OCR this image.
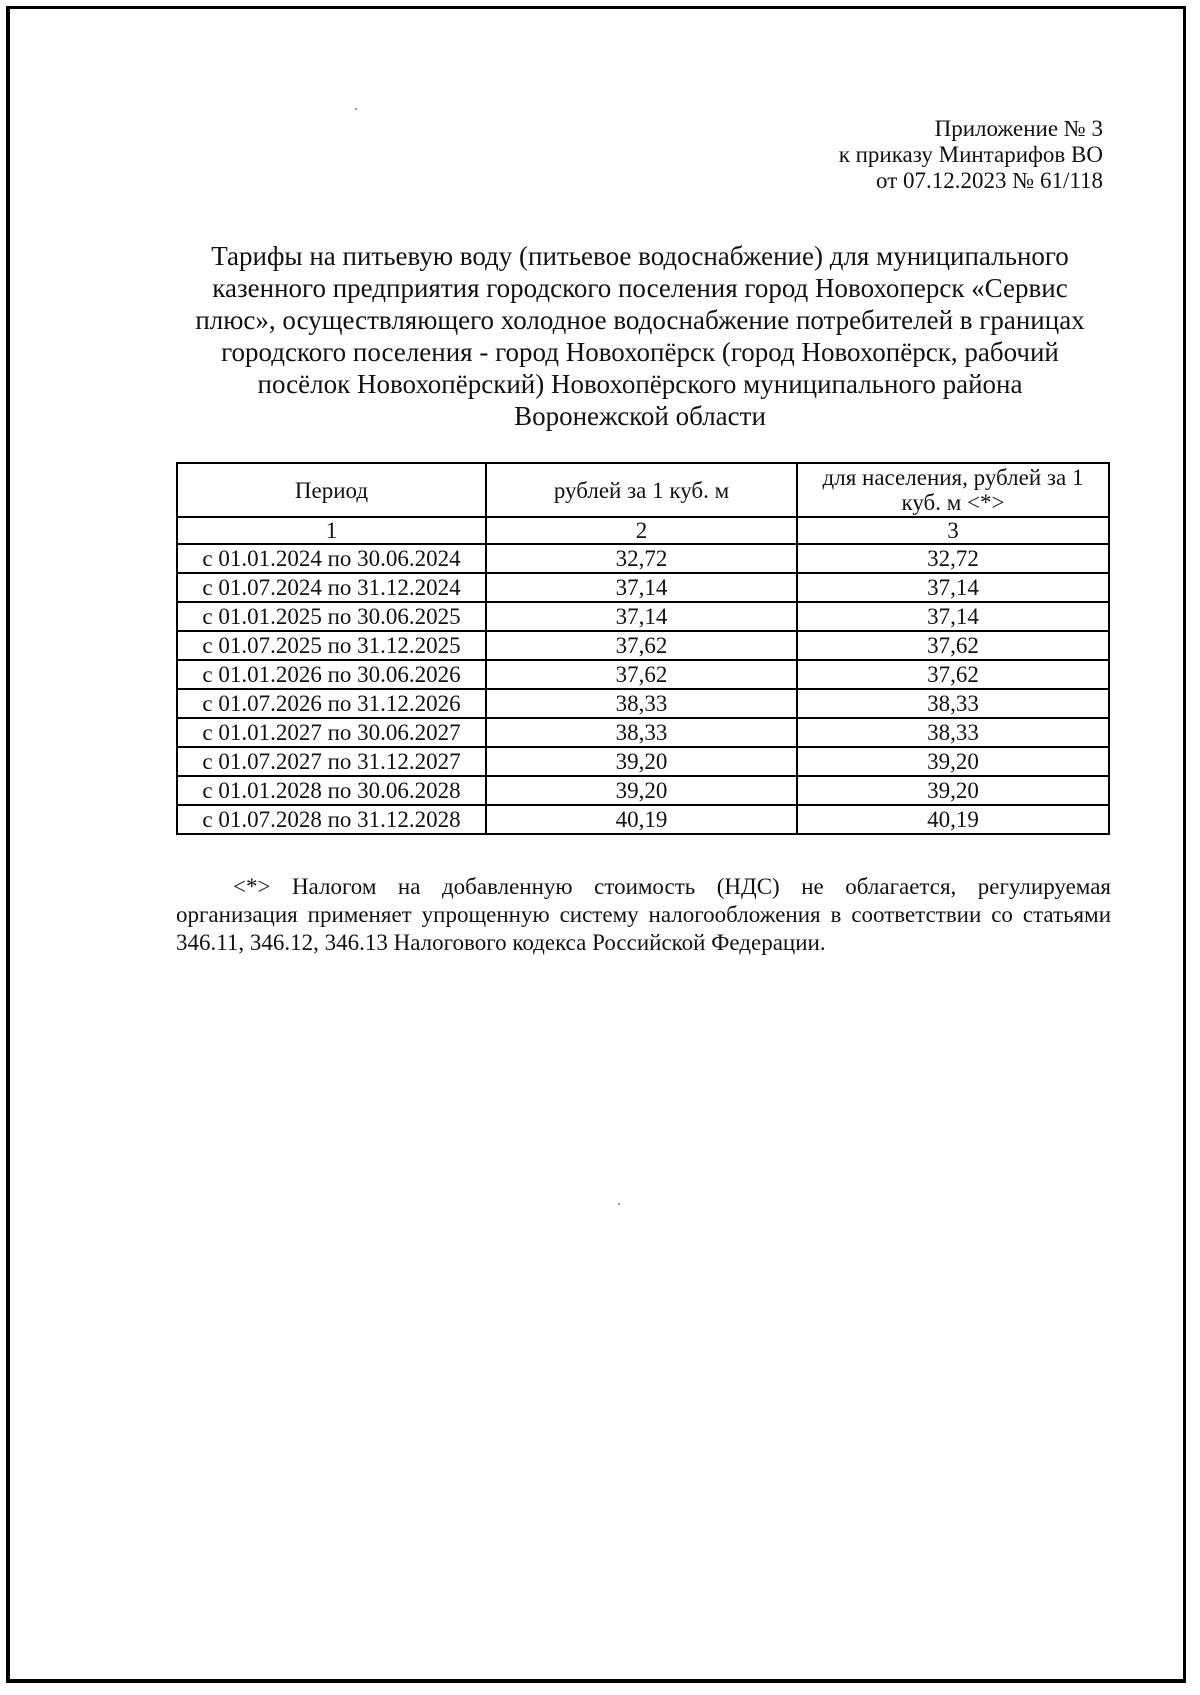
Приложение № 3
к приказу Минтарифов ВО
от 07.12.2023 № 61/118
Тарифы на питьевую воду (питьевое водоснабжение) для муниципального
казенного предприятия городского поселения город Новохоперск «Сервис
плюс», осуществляющего холодное водоснабжение потребителей в границах
городского поселения - город Новохопёрск (город Новохопёрск, рабочий
посёлок Новохопёрский) Новохопёрского муниципального района
Воронежской области
Период	рублей за 1 куб. м	для населения, рублей за 1 куб. м <*>
1	2	3
с 01.01.2024 по 30.06.2024	32,72	32,72
с 01.07.2024 по 31.12.2024	37,14	37,14
с 01.01.2025 по 30.06.2025	37,14	37,14
с 01.07.2025 по 31.12.2025	37,62	37,62
с 01.01.2026 по 30.06.2026	37,62	37,62
с 01.07.2026 по 31.12.2026	38,33	38,33
с 01.01.2027 по 30.06.2027	38,33	38,33
с 01.07.2027 по 31.12.2027	39,20	39,20
с 01.01.2028 по 30.06.2028	39,20	39,20
с 01.07.2028 по 31.12.2028	40,19	40,19

<*> Налогом на добавленную стоимость (НДС) не облагается, регулируемая организация применяет упрощенную систему налогообложения в соответствии со статьями 346.11, 346.12, 346.13 Налогового кодекса Российской Федерации.
